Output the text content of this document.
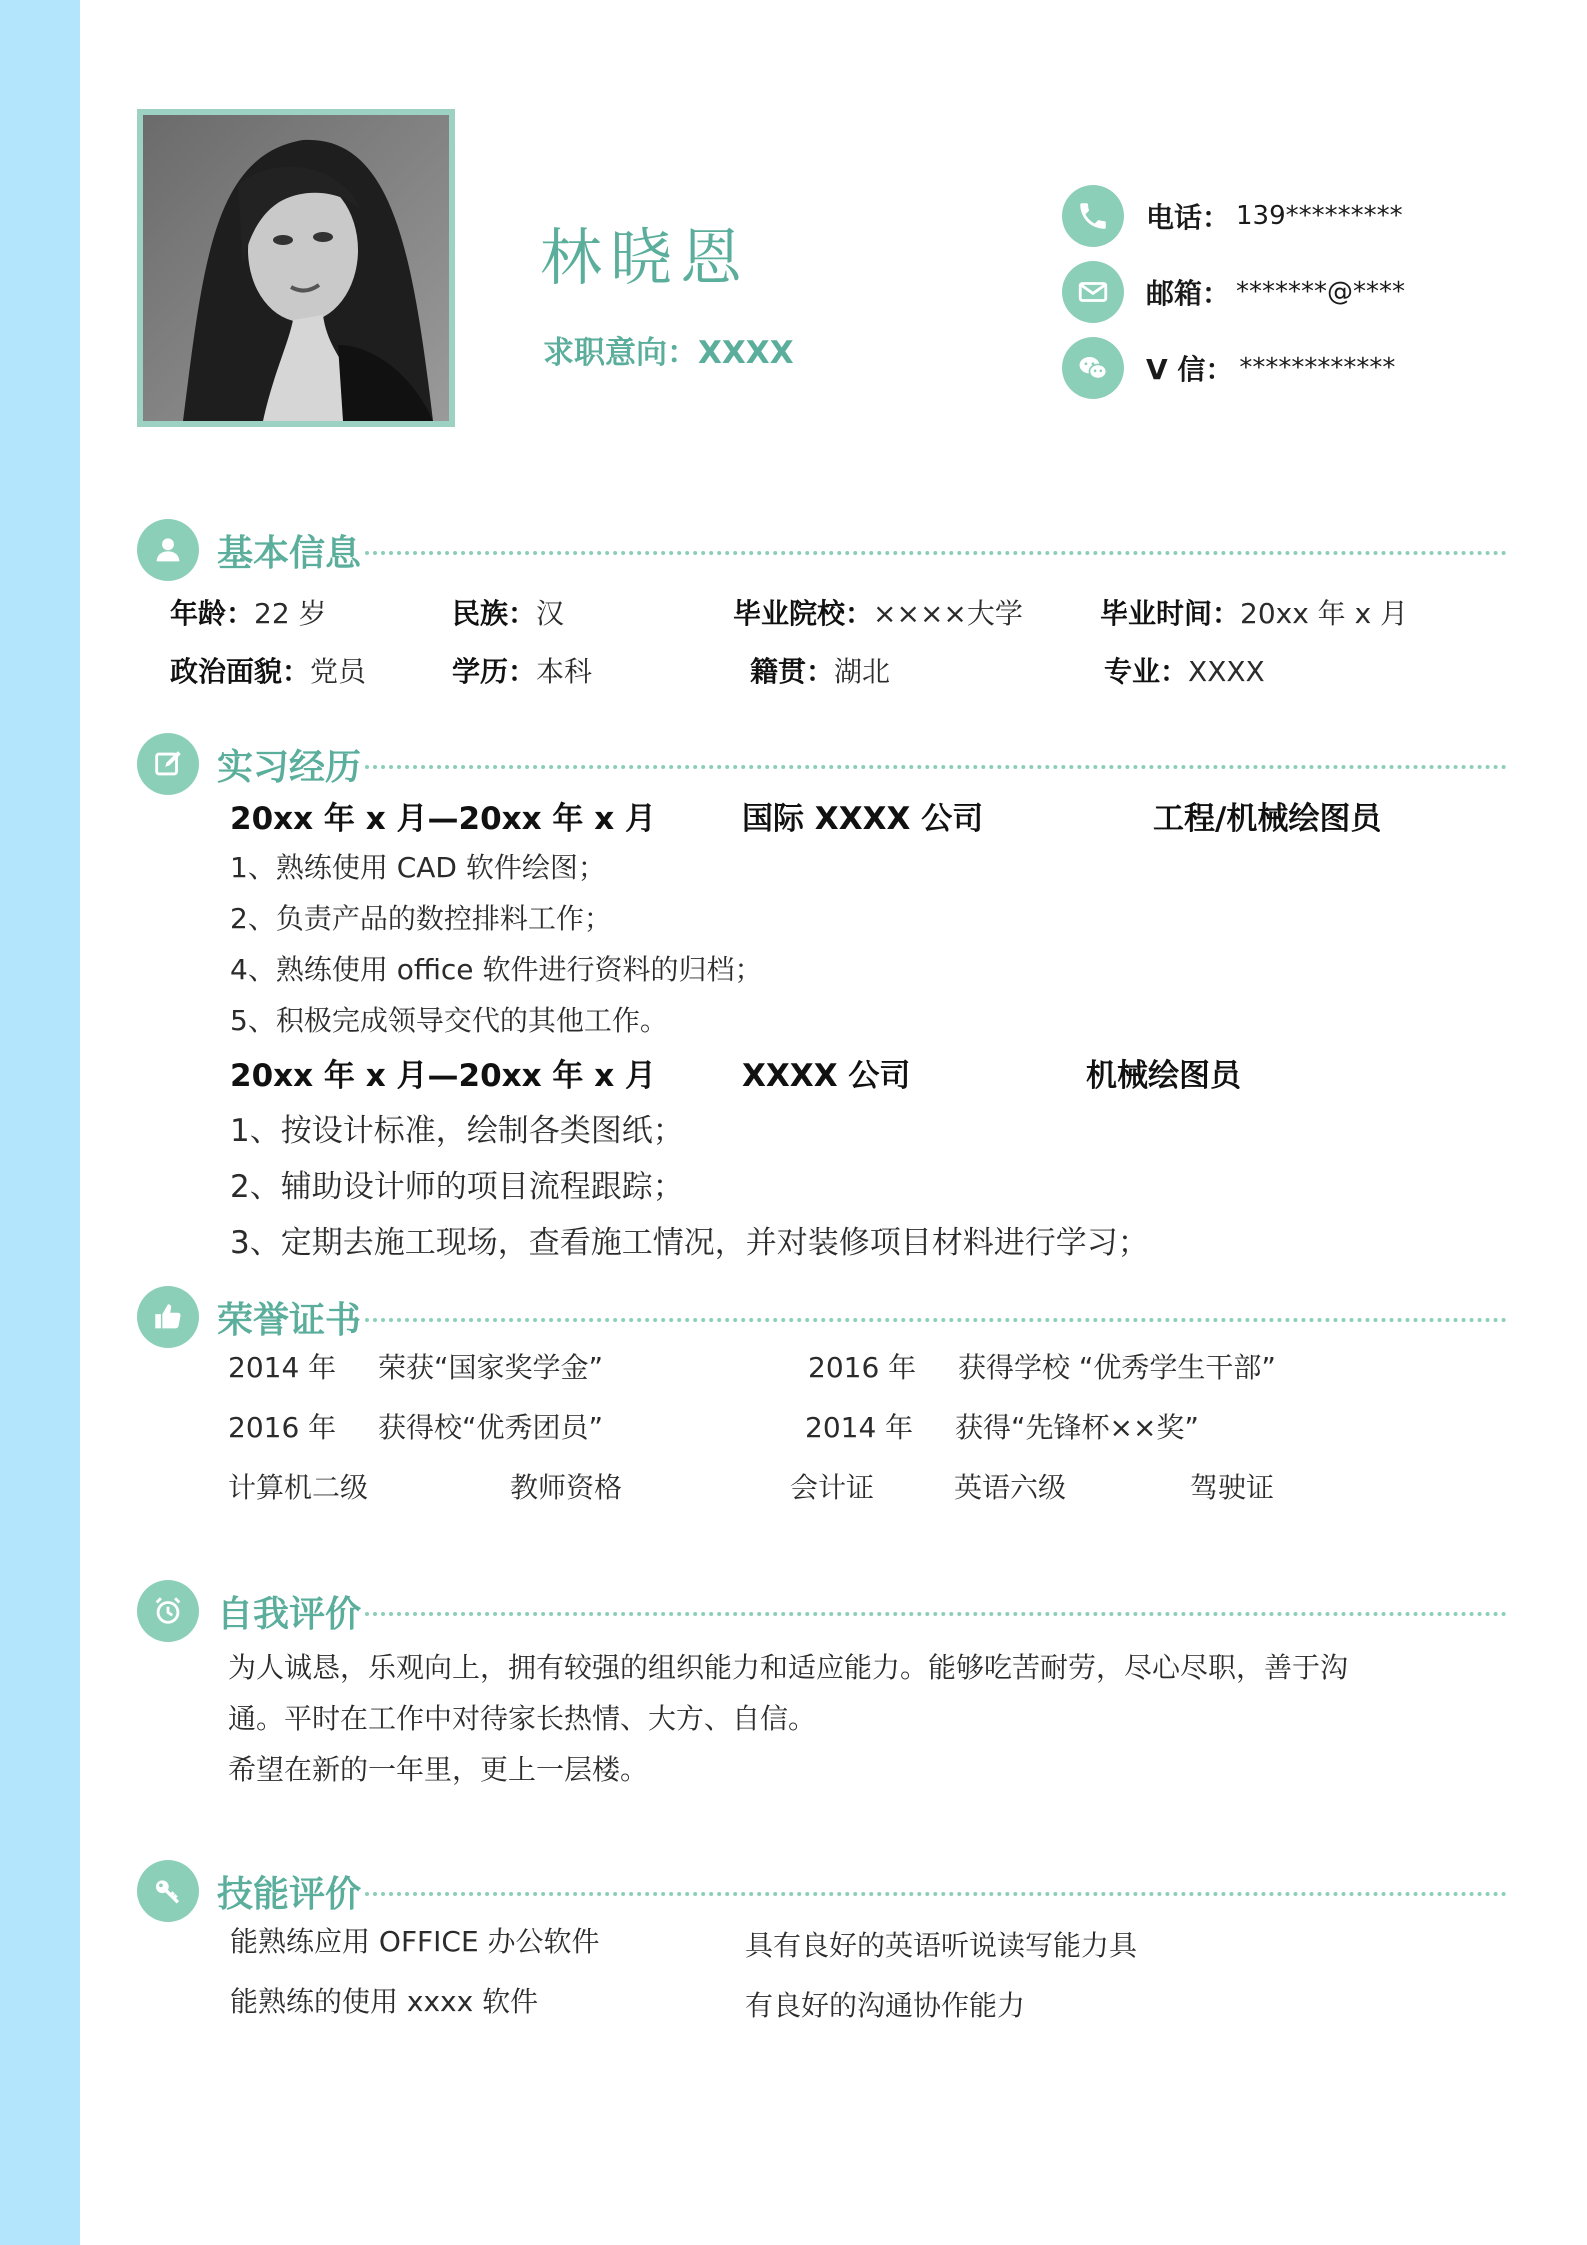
林晓恩
求职意向：XXXX
电话： 139*********
邮箱： *******@****
V 信： ************
基本信息
年龄：22 岁	民族：汉	毕业院校：××××大学	毕业时间：20xx 年 x 月
政治面貌：党员	学历：本科	籍贯：湖北	专业：XXXX
实习经历
20xx 年 x 月—20xx 年 x 月	国际 XXXX 公司	工程/机械绘图员
1、熟练使用 CAD 软件绘图；
2、负责产品的数控排料工作；
4、熟练使用 office 软件进行资料的归档；
5、积极完成领导交代的其他工作。
20xx 年 x 月—20xx 年 x 月	XXXX 公司	机械绘图员
1、按设计标准，绘制各类图纸；
2、辅助设计师的项目流程跟踪；
3、定期去施工现场，查看施工情况，并对装修项目材料进行学习；
荣誉证书
2014 年 荣获“国家奖学金”	2016 年 获得学校 “优秀学生干部”
2016 年 获得校“优秀团员”	2014 年 获得“先锋杯××奖”
计算机二级	教师资格	会计证	英语六级	驾驶证
自我评价
为人诚恳，乐观向上，拥有较强的组织能力和适应能力。能够吃苦耐劳，尽心尽职，善于沟
通。平时在工作中对待家长热情、大方、自信。
希望在新的一年里，更上一层楼。
技能评价
能熟练应用 OFFICE 办公软件	具有良好的英语听说读写能力具
能熟练的使用 xxxx 软件	有良好的沟通协作能力
